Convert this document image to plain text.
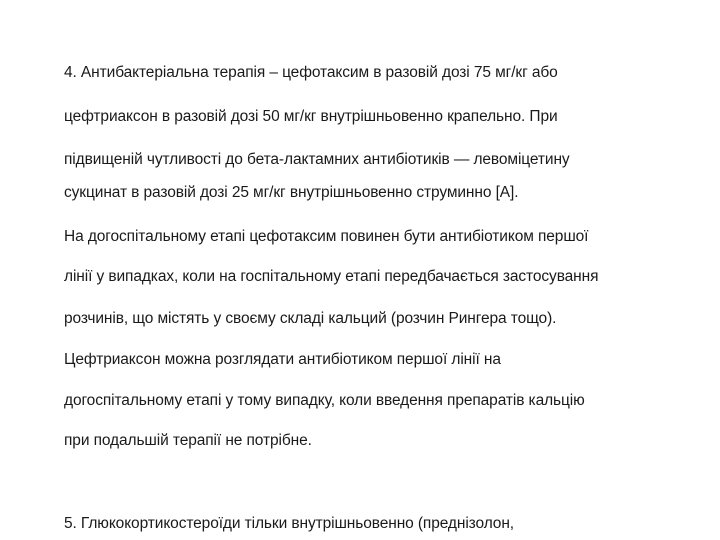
4. Антибактеріальна терапія – цефотаксим в разовій дозі 75 мг/кг або
цефтриаксон в разовій дозі 50 мг/кг внутрішньовенно крапельно. При
підвищеній чутливості до бета-лактамних антибіотиків — левоміцетину
сукцинат в разовій дозі 25 мг/кг внутрішньовенно струминно [А].
На догоспітальному етапі цефотаксим повинен бути антибіотиком першої
лінії у випадках, коли на госпітальному етапі передбачається застосування
розчинів, що містять у своєму складі кальций (розчин Рингера тощо).
Цефтриаксон можна розглядати антибіотиком першої лінії на
догоспітальному етапі у тому випадку, коли введення препаратів кальцію
при подальшій терапії не потрібне.
5. Глюкокортикостероїди тільки внутрішньовенно (преднізолон,
